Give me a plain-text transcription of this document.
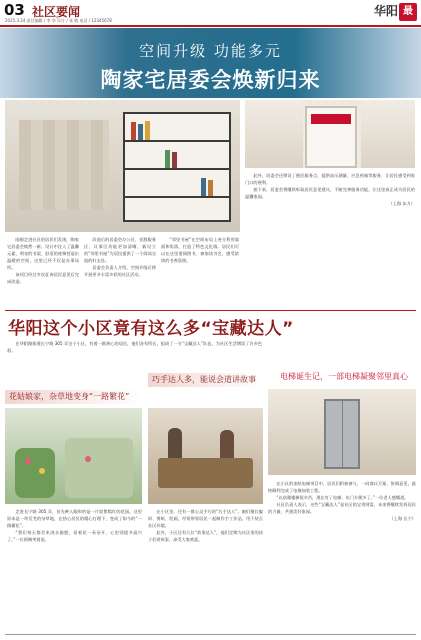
03 社区要闻
2025.3.24 责任编辑 / 李 华 设计 / 张 敏 电话 / 12345678
华阳 最
空间升级 功能多元
陶家宅居委会焕新归来

刚刚走进社区的居民们发现，陶家宅居委会焕然一新。设计中注入了温馨元素，明亮的书架、舒适的座椅营造出温暖的空间，这里已经不仅是办事场所。

该项目经过多次征询居民意见后完成改造。

改造后的居委会办公区、党群服务区、议事区功能更加清晰，新设立的“邻里书屋”为居民提供了一个阅读交流的好去处。

居委会负责人介绍，空间升级后将开展更多丰富多彩的社区活动。

“邻里书屋”在空间布局上充分利用墙面和角落，打造了特色文化墙。居民们可以在这里借阅图书、参加读书会，感受浓浓的书香氛围。

此外，居委会还增设了便民服务点，提供血压测量、应急药箱等服务，让居民感受到家门口的便利。

接下来，居委会将继续听取居民意见建议，不断完善服务功能，让这里真正成为居民的温馨家园。

（上海 东方）

华阳这个小区竟有这么多“宝藏达人”

在华阳路街道长宁路 305 弄这个小区，有着一群热心的居民，他们各有所长，组成了一支“宝藏达人”队伍，为社区生活增添了许多色彩。

花姑娘家，杂草地变身“一路繁花”
巧手达人多，能说会道讲故事	电梯诞生记，一部电梯凝聚邻里真心

走进长宁路 305 弄，首先映入眼帘的是一片姹紫嫣红的花园。这里原本是一块荒芜的杂草地，在热心居民的精心打理下，变成了如今的“一路繁花”。

“我们每天都会来浇水施肥，看着花一朵朵开，心里别提多高兴了。”一位阿姨笑着说。

在小区里，还有一群心灵手巧的“巧手达人”。她们擅长编织、剪纸、绘画，经常带领居民一起制作手工作品，用于装点社区环境。

此外，小区还有几位“故事达人”，他们定期为社区里的孩子们讲故事，深受大家欢迎。

在小区的加装电梯项目中，居民们积极参与，一同商议方案、协调意见，最终顺利完成了电梯加装工程。

“以前爬楼梯很辛苦，现在有了电梯，出门方便多了。”一位老人感慨道。

社区负责人表示，这些“宝藏达人”是社区的宝贵财富，未来将继续发挥居民的力量，共建美好家园。

（上海 长宁）
